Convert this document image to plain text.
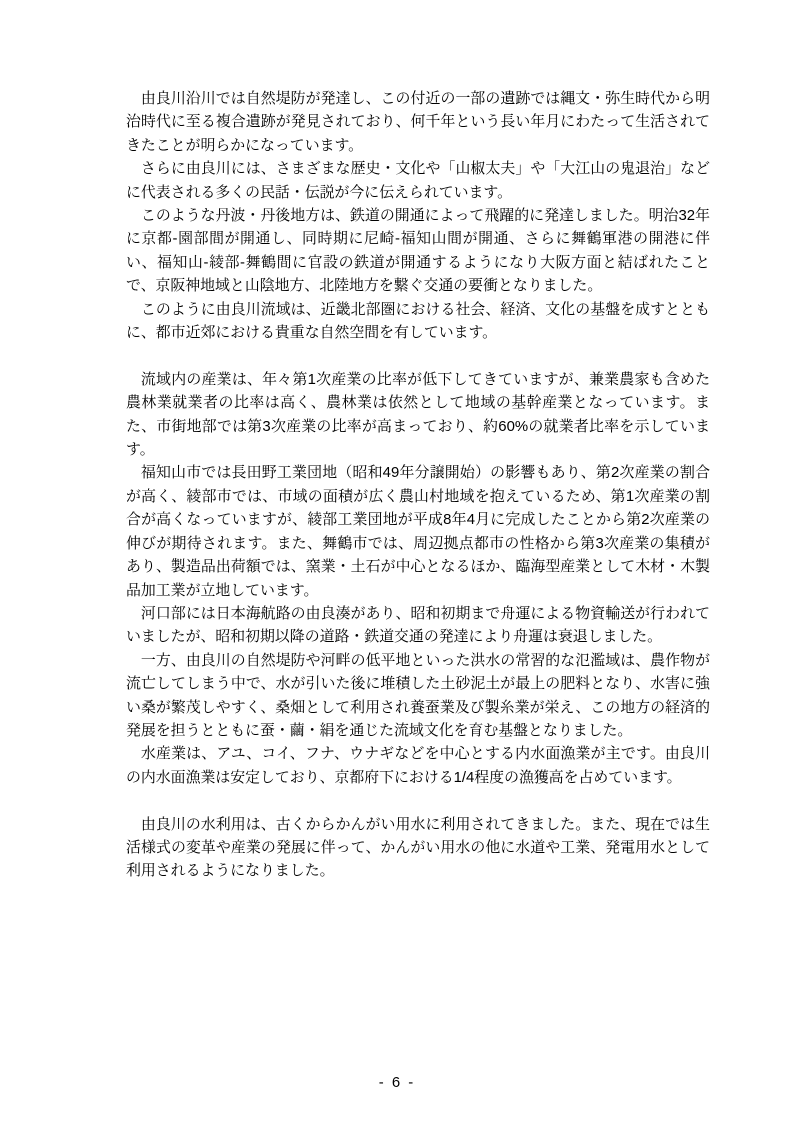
由良川沿川では自然堤防が発達し、この付近の一部の遺跡では縄文・弥生時代から明治時代に至る複合遺跡が発見されており、何千年という長い年月にわたって生活されてきたことが明らかになっています。

さらに由良川には、さまざまな歴史・文化や「山椒太夫」や「大江山の鬼退治」などに代表される多くの民話・伝説が今に伝えられています。

このような丹波・丹後地方は、鉄道の開通によって飛躍的に発達しました。明治32年に京都-園部間が開通し、同時期に尼崎-福知山間が開通、さらに舞鶴軍港の開港に伴い、福知山-綾部-舞鶴間に官設の鉄道が開通するようになり大阪方面と結ばれたことで、京阪神地域と山陰地方、北陸地方を繋ぐ交通の要衝となりました。

このように由良川流域は、近畿北部圏における社会、経済、文化の基盤を成すとともに、都市近郊における貴重な自然空間を有しています。

流域内の産業は、年々第1次産業の比率が低下してきていますが、兼業農家も含めた農林業就業者の比率は高く、農林業は依然として地域の基幹産業となっています。また、市街地部では第3次産業の比率が高まっており、約60%の就業者比率を示しています。

福知山市では長田野工業団地（昭和49年分譲開始）の影響もあり、第2次産業の割合が高く、綾部市では、市域の面積が広く農山村地域を抱えているため、第1次産業の割合が高くなっていますが、綾部工業団地が平成8年4月に完成したことから第2次産業の伸びが期待されます。また、舞鶴市では、周辺拠点都市の性格から第3次産業の集積があり、製造品出荷額では、窯業・土石が中心となるほか、臨海型産業として木材・木製品加工業が立地しています。

河口部には日本海航路の由良湊があり、昭和初期まで舟運による物資輸送が行われていましたが、昭和初期以降の道路・鉄道交通の発達により舟運は衰退しました。

一方、由良川の自然堤防や河畔の低平地といった洪水の常習的な氾濫域は、農作物が流亡してしまう中で、水が引いた後に堆積した土砂泥土が最上の肥料となり、水害に強い桑が繁茂しやすく、桑畑として利用され養蚕業及び製糸業が栄え、この地方の経済的発展を担うとともに蚕・繭・絹を通じた流域文化を育む基盤となりました。

水産業は、アユ、コイ、フナ、ウナギなどを中心とする内水面漁業が主です。由良川の内水面漁業は安定しており、京都府下における1/4程度の漁獲高を占めています。

由良川の水利用は、古くからかんがい用水に利用されてきました。また、現在では生活様式の変革や産業の発展に伴って、かんがい用水の他に水道や工業、発電用水として利用されるようになりました。

- 6 -
